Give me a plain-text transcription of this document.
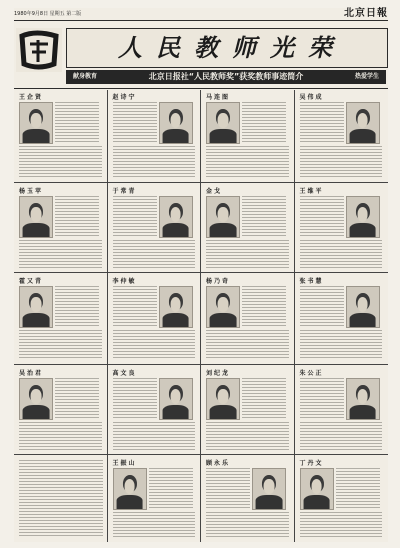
1980年9月8日 星期五 第二版	北京日報
人民教师光荣
献身教育	北京日报社“人民教师奖”获奖教师事迹简介	热爱学生
王企贤	赵诗宁	马连图	吴伟成
杨玉苹	于常青	金戈	王维平
霍又青	李仲敏	杨乃奇	张书慧
吴治君	高文良	刘纪龙	朱公正
王振山	顾永乐	丁丹文
